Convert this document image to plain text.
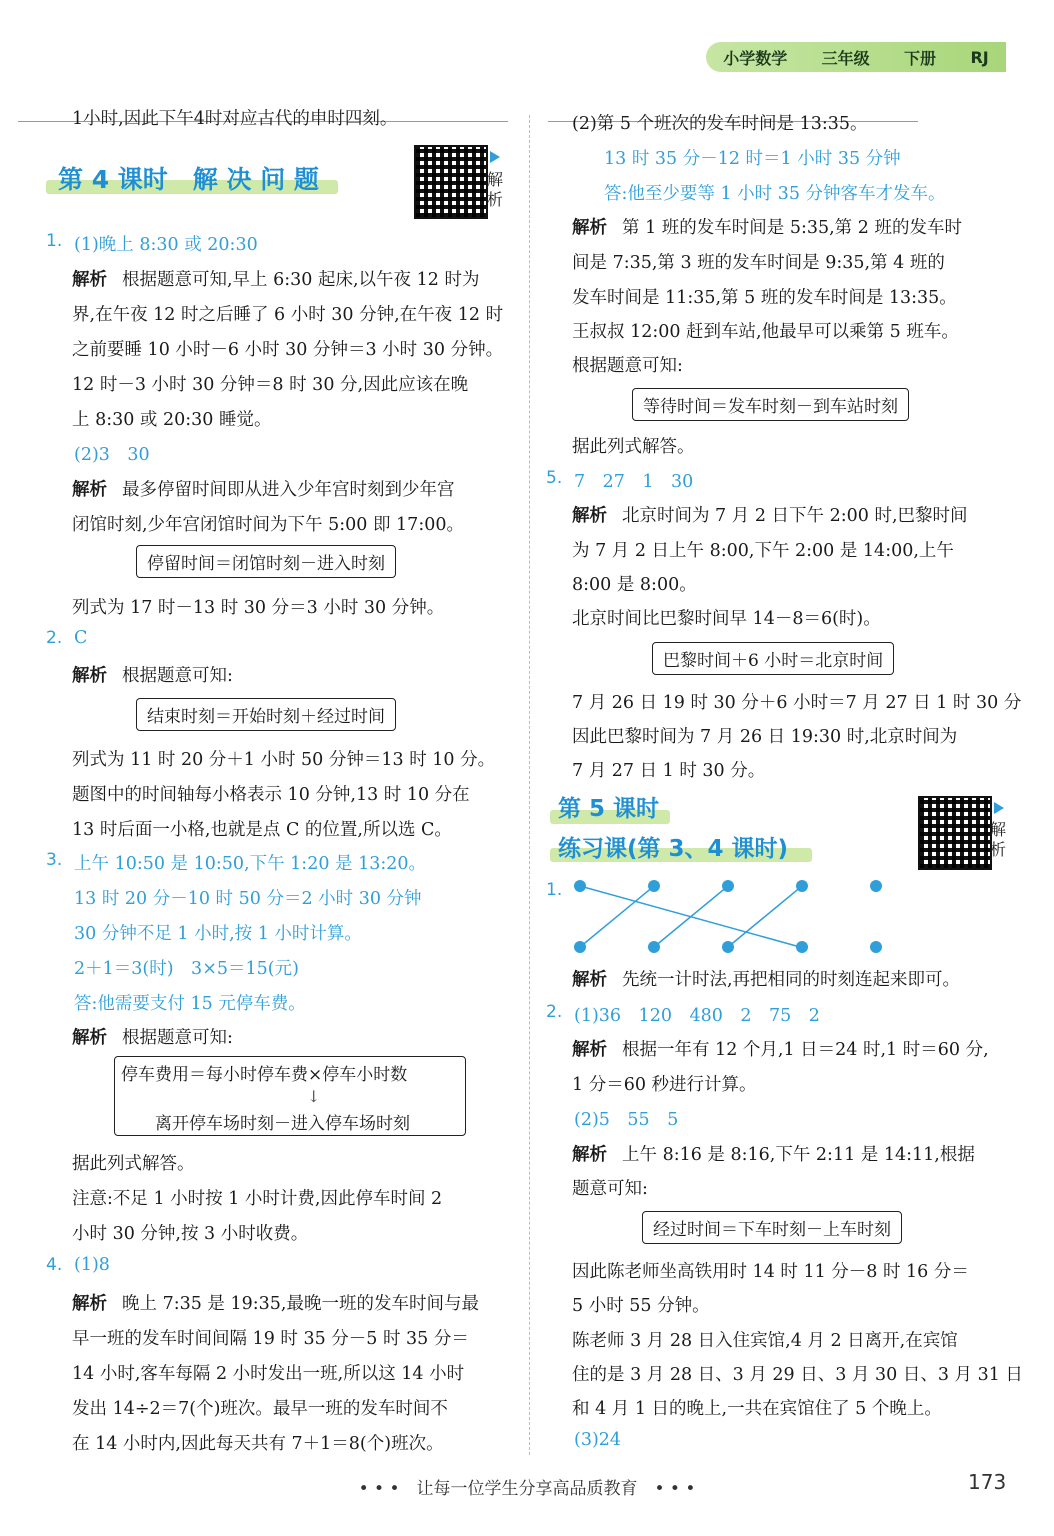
小学数学 三年级 下册 RJ
1小时,因此下午4时对应古代的申时四刻。
第 4 课时　解 决 问 题	解析
1. (1)晚上 8:30 或 20:30
解析 根据题意可知,早上 6:30 起床,以午夜 12 时为
界,在午夜 12 时之后睡了 6 小时 30 分钟,在午夜 12 时
之前要睡 10 小时－6 小时 30 分钟＝3 小时 30 分钟。
12 时－3 小时 30 分钟＝8 时 30 分,因此应该在晚
上 8:30 或 20:30 睡觉。
(2)3　30
解析 最多停留时间即从进入少年宫时刻到少年宫
闭馆时刻,少年宫闭馆时间为下午 5:00 即 17:00。
停留时间＝闭馆时刻－进入时刻
列式为 17 时－13 时 30 分＝3 小时 30 分钟。
2. C
解析 根据题意可知:
结束时刻＝开始时刻＋经过时间
列式为 11 时 20 分＋1 小时 50 分钟＝13 时 10 分。
题图中的时间轴每小格表示 10 分钟,13 时 10 分在
13 时后面一小格,也就是点 C 的位置,所以选 C。
3. 上午 10:50 是 10:50,下午 1:20 是 13:20。
13 时 20 分－10 时 50 分＝2 小时 30 分钟
30 分钟不足 1 小时,按 1 小时计算。
2＋1＝3(时)　3×5＝15(元)
答:他需要支付 15 元停车费。
解析 根据题意可知:
停车费用＝每小时停车费×停车小时数
↓
离开停车场时刻－进入停车场时刻
据此列式解答。
注意:不足 1 小时按 1 小时计费,因此停车时间 2
小时 30 分钟,按 3 小时收费。
4. (1)8
解析 晚上 7:35 是 19:35,最晚一班的发车时间与最
早一班的发车时间间隔 19 时 35 分－5 时 35 分＝
14 小时,客车每隔 2 小时发出一班,所以这 14 小时
发出 14÷2＝7(个)班次。最早一班的发车时间不
在 14 小时内,因此每天共有 7＋1＝8(个)班次。
(2)第 5 个班次的发车时间是 13:35。
13 时 35 分－12 时＝1 小时 35 分钟
答:他至少要等 1 小时 35 分钟客车才发车。
解析 第 1 班的发车时间是 5:35,第 2 班的发车时
间是 7:35,第 3 班的发车时间是 9:35,第 4 班的
发车时间是 11:35,第 5 班的发车时间是 13:35。
王叔叔 12:00 赶到车站,他最早可以乘第 5 班车。
根据题意可知:
等待时间＝发车时刻－到车站时刻
据此列式解答。
5. 7　27　1　30
解析 北京时间为 7 月 2 日下午 2:00 时,巴黎时间
为 7 月 2 日上午 8:00,下午 2:00 是 14:00,上午
8:00 是 8:00。
北京时间比巴黎时间早 14－8＝6(时)。
巴黎时间＋6 小时＝北京时间
7 月 26 日 19 时 30 分＋6 小时＝7 月 27 日 1 时 30 分
因此巴黎时间为 7 月 26 日 19:30 时,北京时间为
7 月 27 日 1 时 30 分。
第 5 课时
练习课(第 3、4 课时)
解析
1.
解析 先统一计时法,再把相同的时刻连起来即可。
2. (1)36　120　480　2　75　2
解析 根据一年有 12 个月,1 日＝24 时,1 时＝60 分,
1 分＝60 秒进行计算。
(2)5　55　5
解析 上午 8:16 是 8:16,下午 2:11 是 14:11,根据
题意可知:
经过时间＝下车时刻－上车时刻
因此陈老师坐高铁用时 14 时 11 分－8 时 16 分＝
5 小时 55 分钟。
陈老师 3 月 28 日入住宾馆,4 月 2 日离开,在宾馆
住的是 3 月 28 日、3 月 29 日、3 月 30 日、3 月 31 日
和 4 月 1 日的晚上,一共在宾馆住了 5 个晚上。
(3)24
• • •　让每一位学生分享高品质教育　• • •	173
